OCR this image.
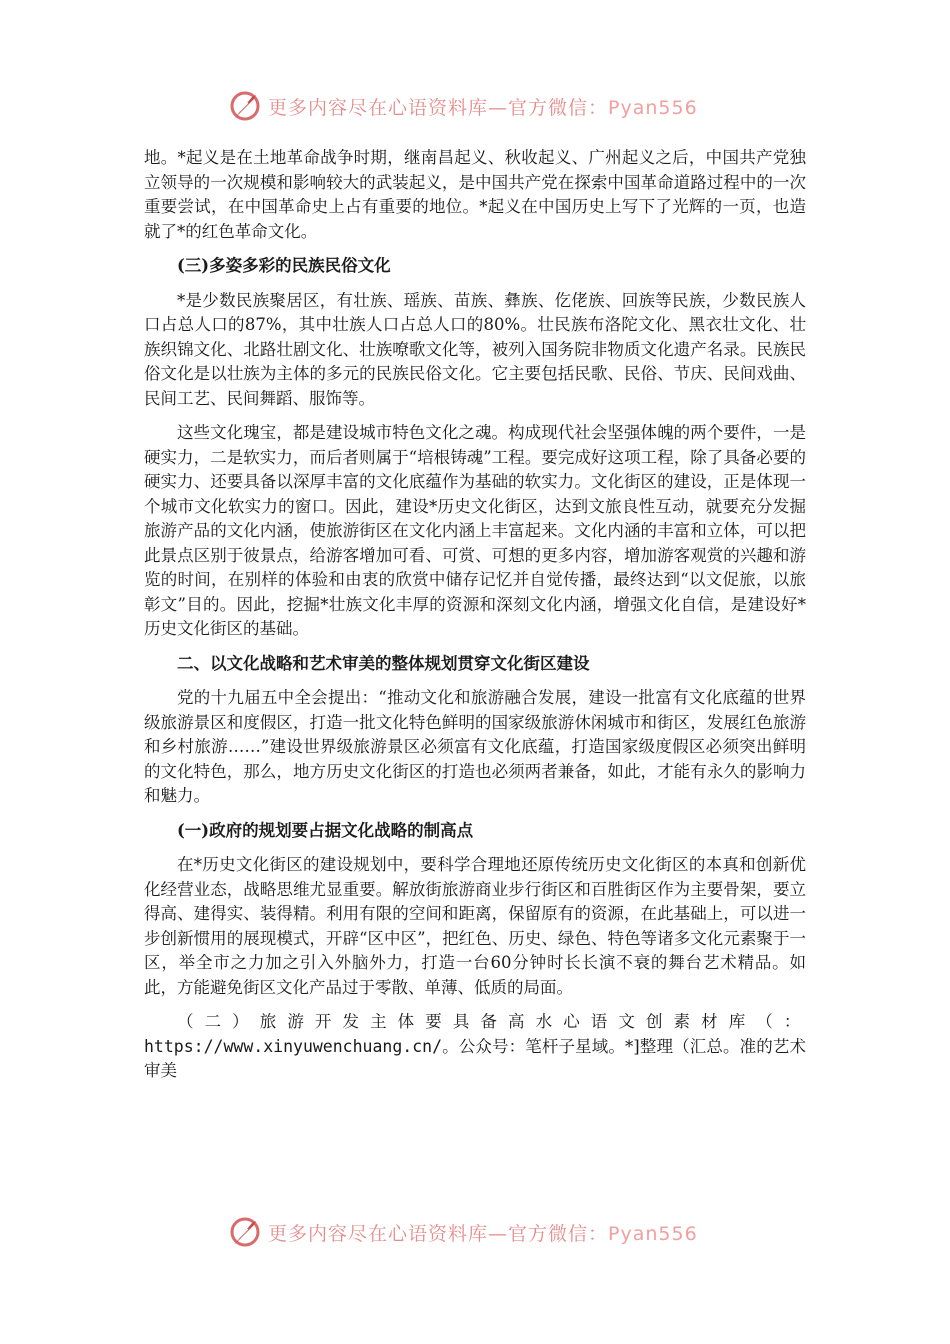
更多内容尽在心语资料库—官方微信：Pyan556

地。*起义是在土地革命战争时期，继南昌起义、秋收起义、广州起义之后，中国共产党独立领导的一次规模和影响较大的武装起义，是中国共产党在探索中国革命道路过程中的一次重要尝试，在中国革命史上占有重要的地位。*起义在中国历史上写下了光辉的一页，也造就了*的红色革命文化。

(三)多姿多彩的民族民俗文化

*是少数民族聚居区，有壮族、瑶族、苗族、彝族、仡佬族、回族等民族，少数民族人口占总人口的87%，其中壮族人口占总人口的80%。壮民族布洛陀文化、黑衣壮文化、壮族织锦文化、北路壮剧文化、壮族嘹歌文化等，被列入国务院非物质文化遗产名录。民族民俗文化是以壮族为主体的多元的民族民俗文化。它主要包括民歌、民俗、节庆、民间戏曲、民间工艺、民间舞蹈、服饰等。

这些文化瑰宝，都是建设城市特色文化之魂。构成现代社会坚强体魄的两个要件，一是硬实力，二是软实力，而后者则属于“培根铸魂”工程。要完成好这项工程，除了具备必要的硬实力、还要具备以深厚丰富的文化底蕴作为基础的软实力。文化街区的建设，正是体现一个城市文化软实力的窗口。因此，建设*历史文化街区，达到文旅良性互动，就要充分发掘旅游产品的文化内涵，使旅游街区在文化内涵上丰富起来。文化内涵的丰富和立体，可以把此景点区别于彼景点，给游客增加可看、可赏、可想的更多内容，增加游客观赏的兴趣和游览的时间，在别样的体验和由衷的欣赏中储存记忆并自觉传播，最终达到“以文促旅，以旅彰文”目的。因此，挖掘*壮族文化丰厚的资源和深刻文化内涵，增强文化自信，是建设好*历史文化街区的基础。

二、以文化战略和艺术审美的整体规划贯穿文化街区建设

党的十九届五中全会提出：“推动文化和旅游融合发展，建设一批富有文化底蕴的世界级旅游景区和度假区，打造一批文化特色鲜明的国家级旅游休闲城市和街区，发展红色旅游和乡村旅游……”建设世界级旅游景区必须富有文化底蕴，打造国家级度假区必须突出鲜明的文化特色，那么，地方历史文化街区的打造也必须两者兼备，如此，才能有永久的影响力和魅力。

(一)政府的规划要占据文化战略的制高点

在*历史文化街区的建设规划中，要科学合理地还原传统历史文化街区的本真和创新优化经营业态，战略思维尤显重要。解放街旅游商业步行街区和百胜街区作为主要骨架，要立得高、建得实、装得精。利用有限的空间和距离，保留原有的资源，在此基础上，可以进一步创新惯用的展现模式，开辟“区中区”，把红色、历史、绿色、特色等诸多文化元素聚于一区，举全市之力加之引入外脑外力，打造一台60分钟时长长演不衰的舞台艺术精品。如此，方能避免街区文化产品过于零散、单薄、低质的局面。

（二）旅游开发主体要具备高水心语文创素材库（：https://www.xinyuwenchuang.cn/。公众号：笔杆子星域。*]整理（汇总。准的艺术审美

更多内容尽在心语资料库—官方微信：Pyan556
